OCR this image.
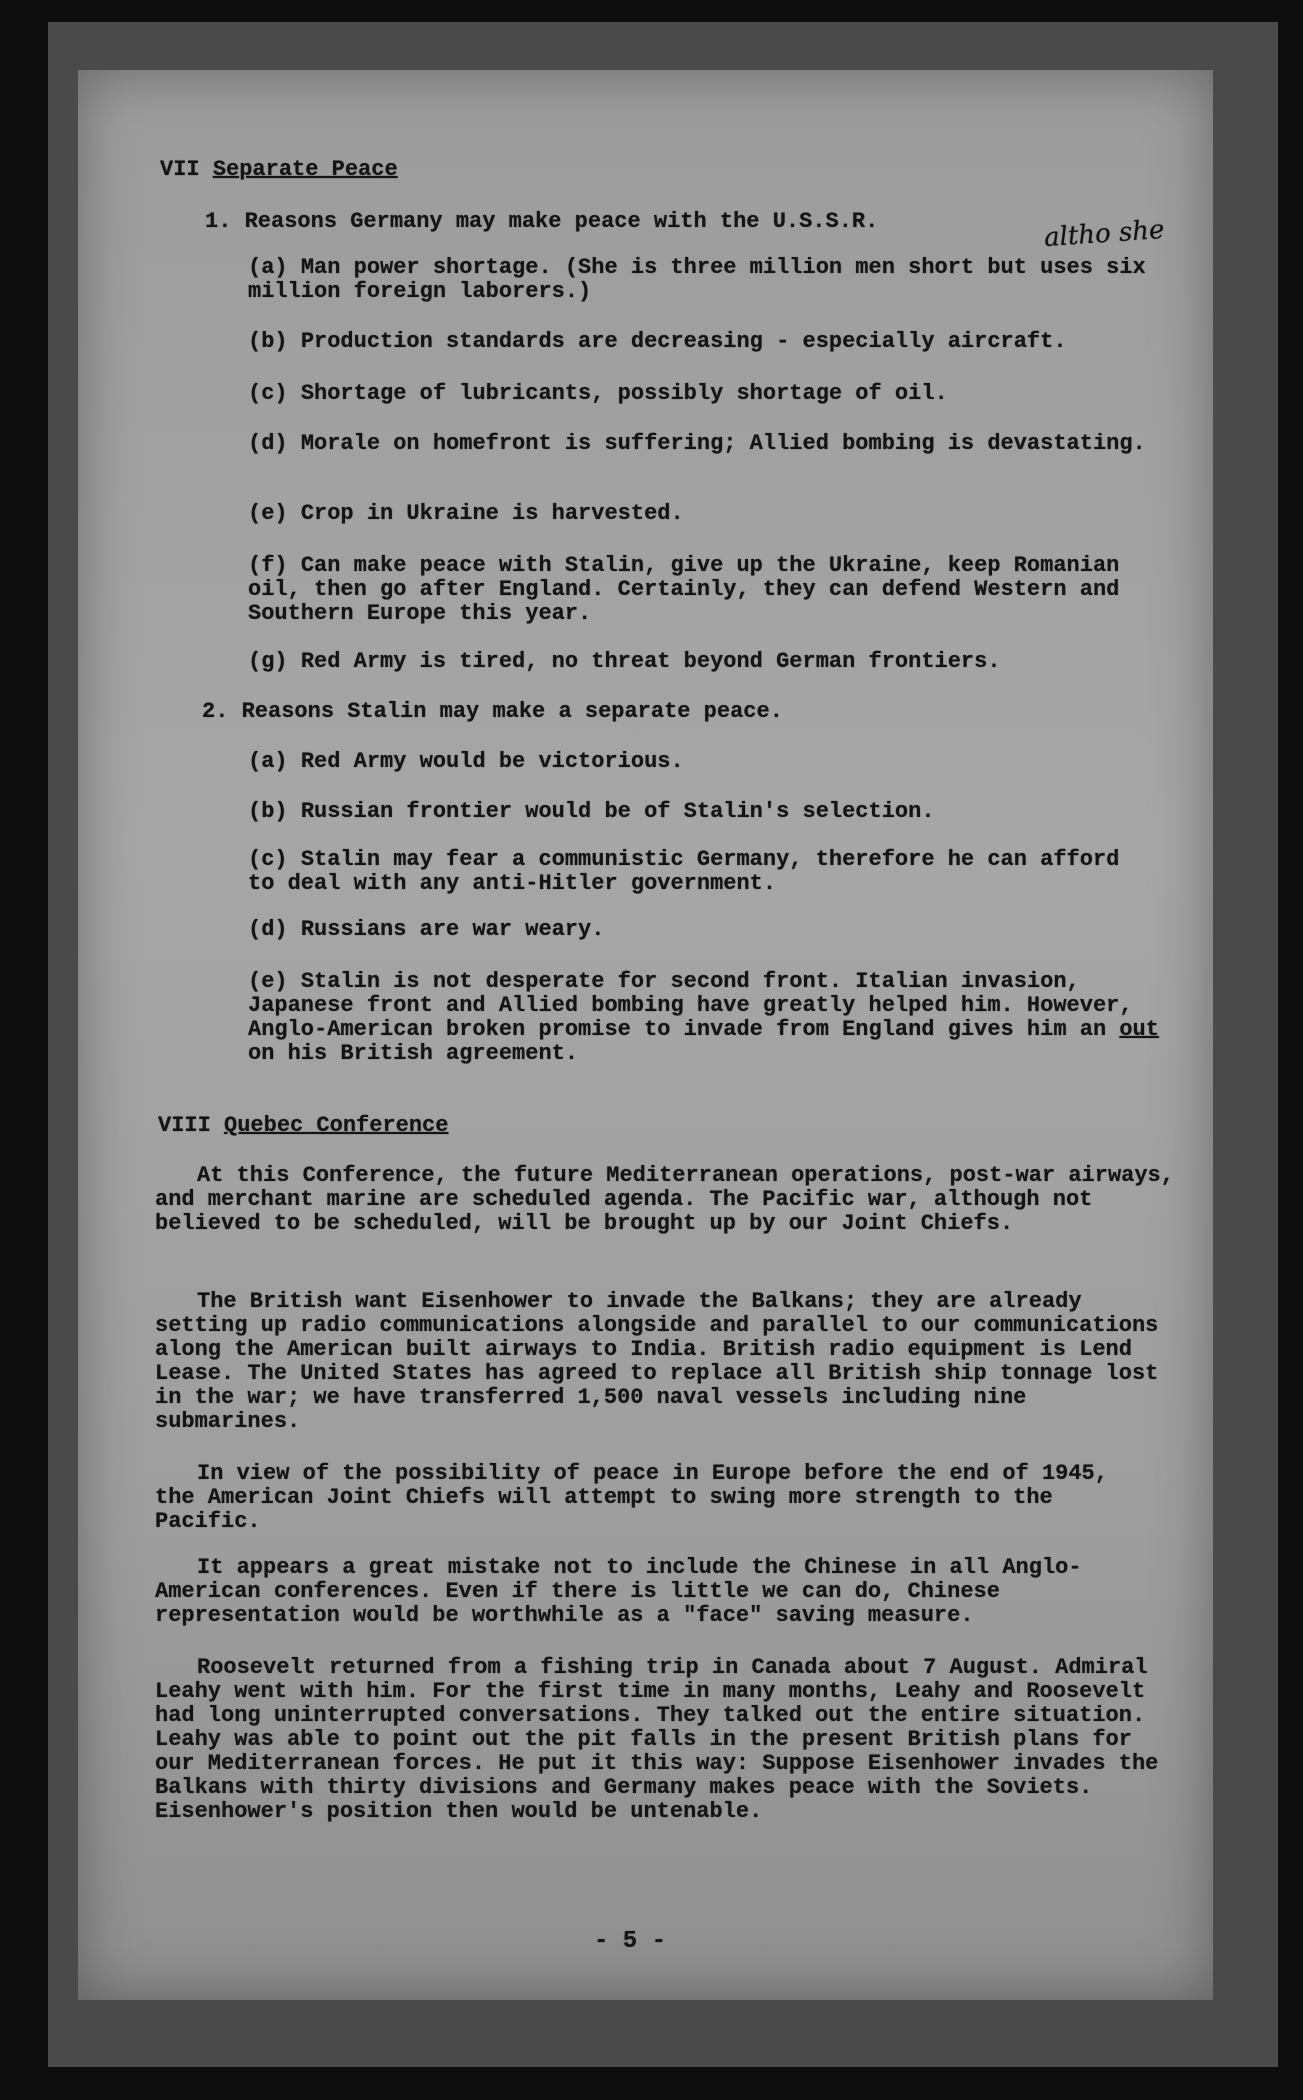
VII Separate Peace

1. Reasons Germany may make peace with the U.S.S.R.

(a) Man power shortage. (She is three million men short but uses six million foreign laborers.)

(b) Production standards are decreasing - especially aircraft.

(c) Shortage of lubricants, possibly shortage of oil.

(d) Morale on homefront is suffering; Allied bombing is devastating.

(e) Crop in Ukraine is harvested.

(f) Can make peace with Stalin, give up the Ukraine, keep Romanian oil, then go after England. Certainly, they can defend Western and Southern Europe this year.

(g) Red Army is tired, no threat beyond German frontiers.

2. Reasons Stalin may make a separate peace.

(a) Red Army would be victorious.

(b) Russian frontier would be of Stalin's selection.

(c) Stalin may fear a communistic Germany, therefore he can afford to deal with any anti-Hitler government.

(d) Russians are war weary.

(e) Stalin is not desperate for second front. Italian invasion, Japanese front and Allied bombing have greatly helped him. However, Anglo-American broken promise to invade from England gives him an out on his British agreement.

VIII Quebec Conference

At this Conference, the future Mediterranean operations, post-war airways, and merchant marine are scheduled agenda. The Pacific war, although not believed to be scheduled, will be brought up by our Joint Chiefs.

The British want Eisenhower to invade the Balkans; they are already setting up radio communications alongside and parallel to our communications along the American built airways to India. British radio equipment is Lend Lease. The United States has agreed to replace all British ship tonnage lost in the war; we have transferred 1,500 naval vessels including nine submarines.

In view of the possibility of peace in Europe before the end of 1945, the American Joint Chiefs will attempt to swing more strength to the Pacific.

It appears a great mistake not to include the Chinese in all Anglo-American conferences. Even if there is little we can do, Chinese representation would be worthwhile as a "face" saving measure.

Roosevelt returned from a fishing trip in Canada about 7 August. Admiral Leahy went with him. For the first time in many months, Leahy and Roosevelt had long uninterrupted conversations. They talked out the entire situation. Leahy was able to point out the pit falls in the present British plans for our Mediterranean forces. He put it this way: Suppose Eisenhower invades the Balkans with thirty divisions and Germany makes peace with the Soviets. Eisenhower's position then would be untenable.

altho she
- 5 -
